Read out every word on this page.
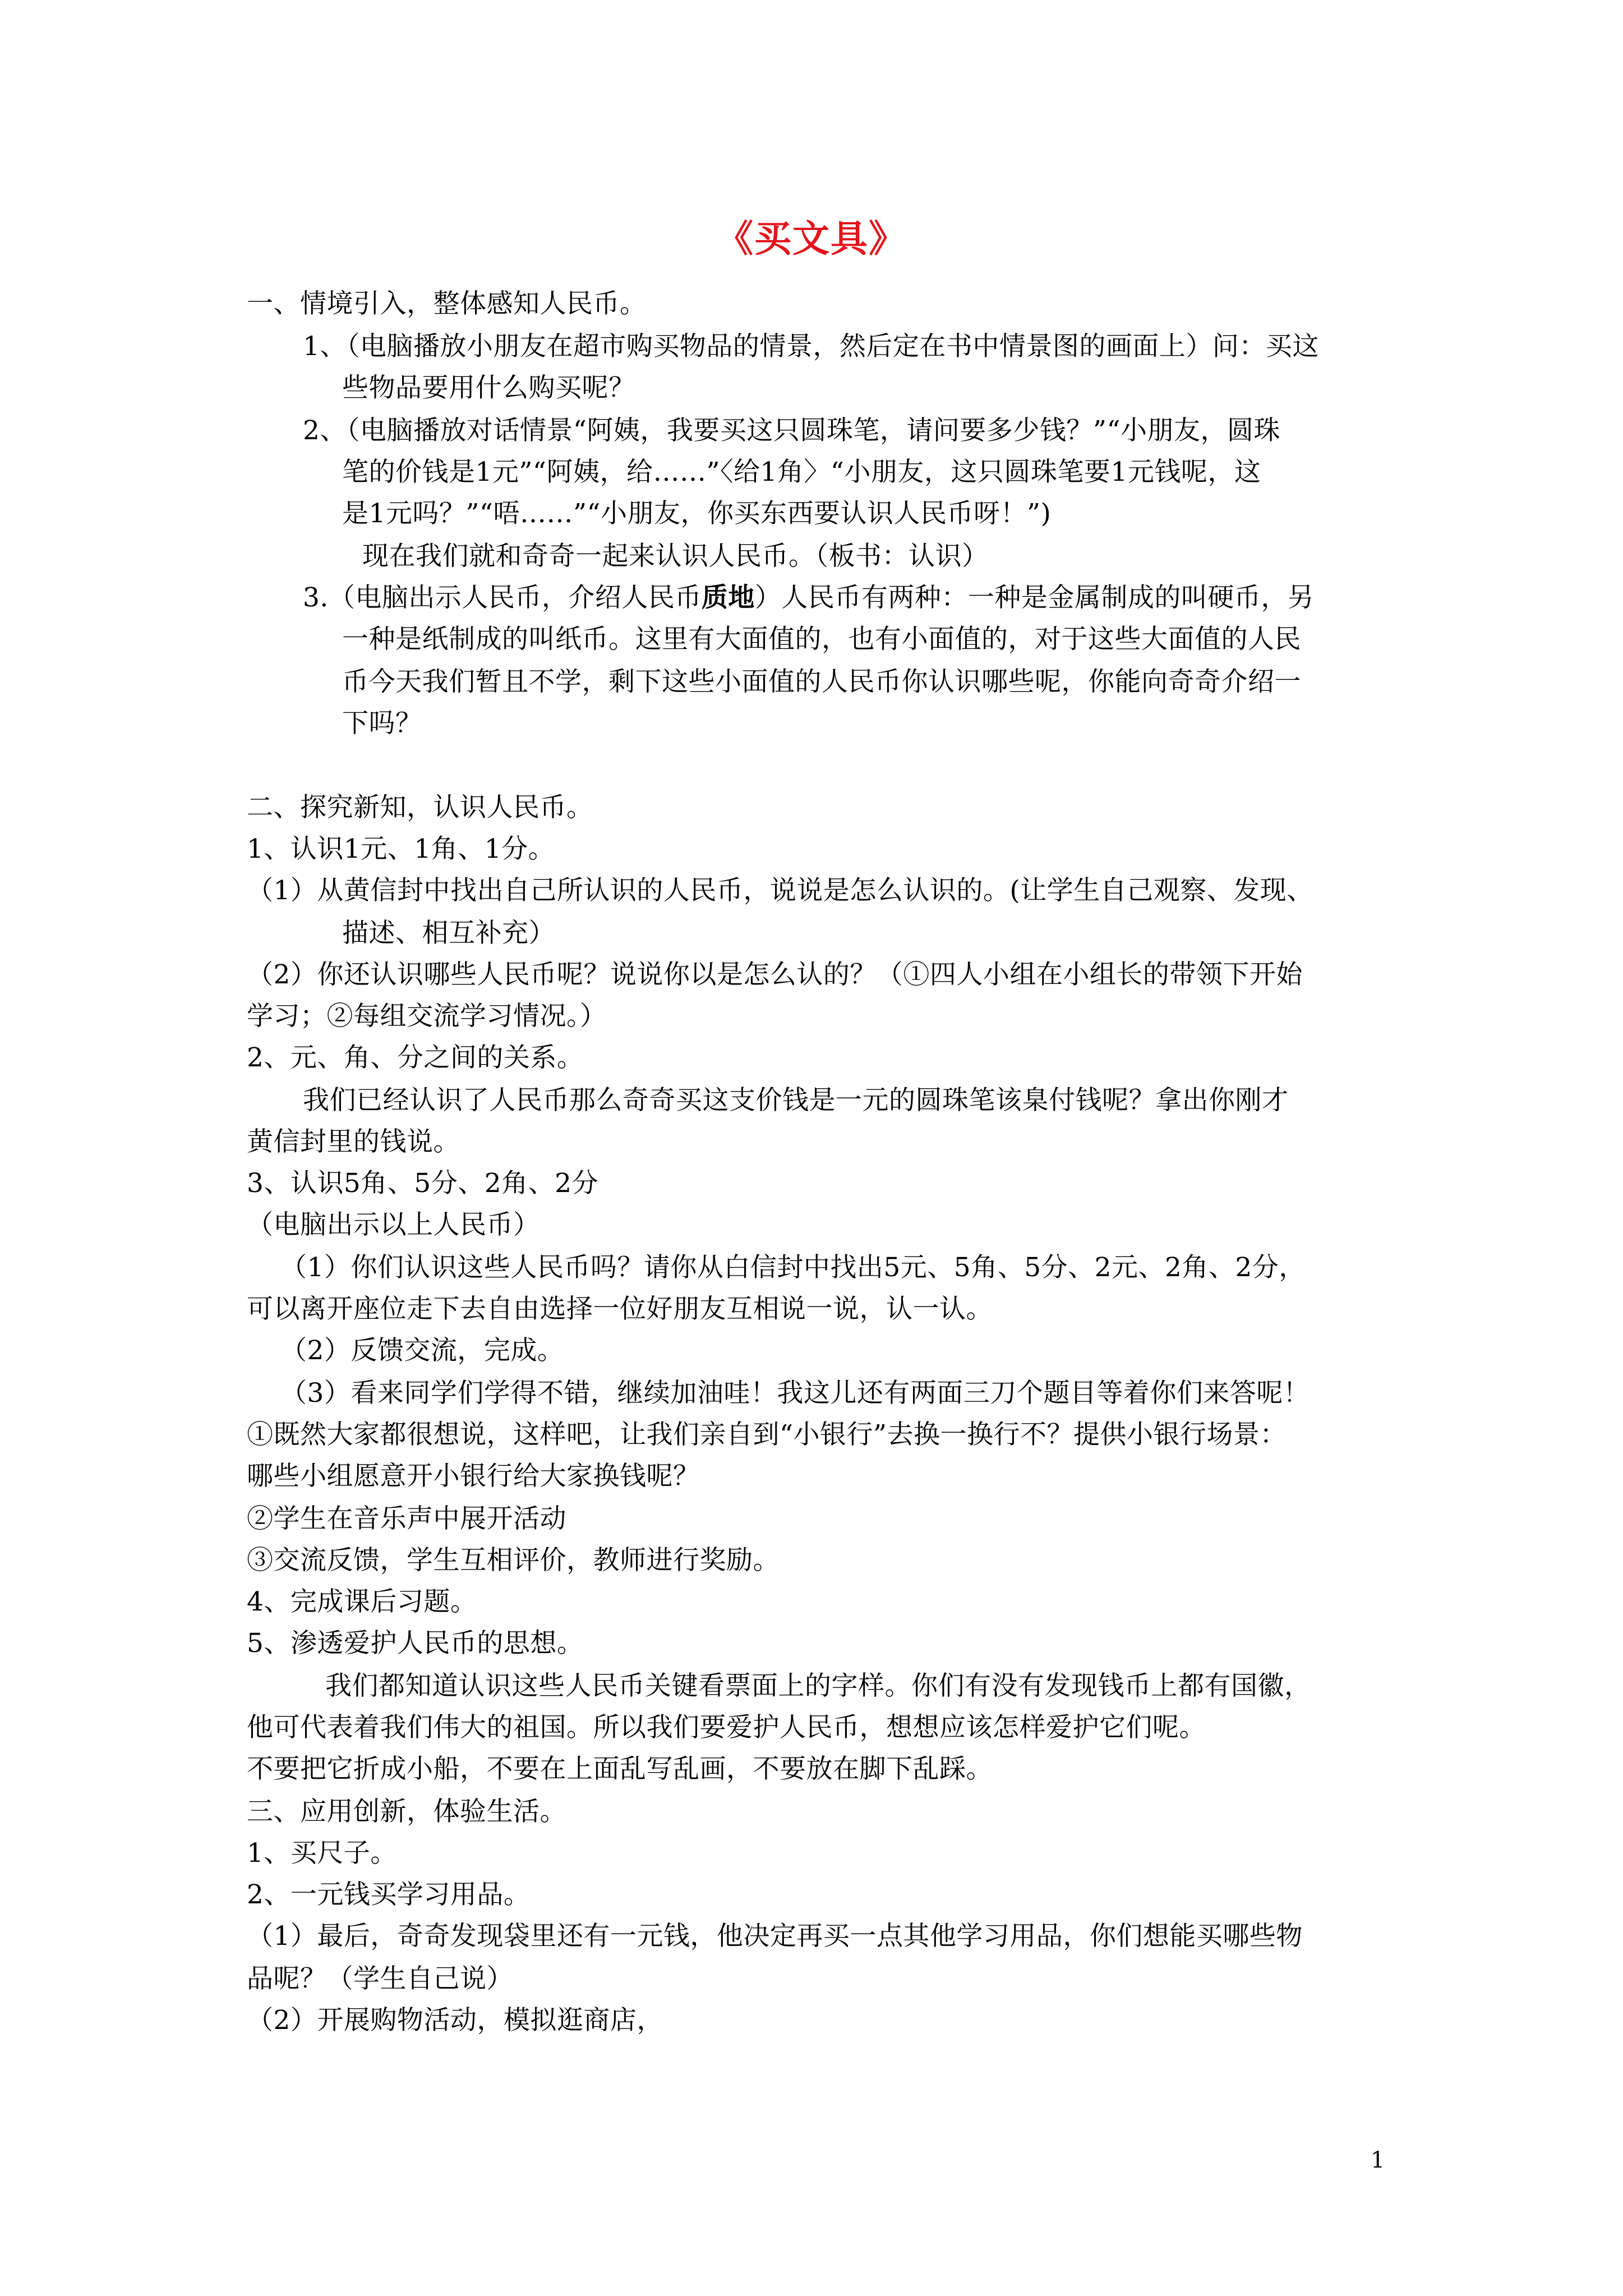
《买文具》

一、情境引入，整体感知人民币。

1、（电脑播放小朋友在超市购买物品的情景，然后定在书中情景图的画面上）问：买这

些物品要用什么购买呢？

2、（电脑播放对话情景“阿姨，我要买这只圆珠笔，请问要多少钱？”“小朋友，圆珠

笔的价钱是1元”“阿姨，给……”〈给1角〉“小朋友，这只圆珠笔要1元钱呢，这

是1元吗？”“唔……”“小朋友，你买东西要认识人民币呀！”)

现在我们就和奇奇一起来认识人民币。（板书：认识）

3.（电脑出示人民币，介绍人民币质地）人民币有两种：一种是金属制成的叫硬币，另

一种是纸制成的叫纸币。这里有大面值的，也有小面值的，对于这些大面值的人民

币今天我们暂且不学，剩下这些小面值的人民币你认识哪些呢，你能向奇奇介绍一

下吗？

二、探究新知，认识人民币。

1、认识1元、1角、1分。

（1）从黄信封中找出自己所认识的人民币，说说是怎么认识的。(让学生自己观察、发现、

描述、相互补充）

（2）你还认识哪些人民币呢？说说你以是怎么认的？（①四人小组在小组长的带领下开始

学习；②每组交流学习情况。）

2、元、角、分之间的关系。

我们已经认识了人民币那么奇奇买这支价钱是一元的圆珠笔该臬付钱呢？拿出你刚才

黄信封里的钱说。

3、认识5角、5分、2角、2分

（电脑出示以上人民币）

（1）你们认识这些人民币吗？请你从白信封中找出5元、5角、5分、2元、2角、2分，

可以离开座位走下去自由选择一位好朋友互相说一说，认一认。

（2）反馈交流，完成。

（3）看来同学们学得不错，继续加油哇！我这儿还有两面三刀个题目等着你们来答呢！

①既然大家都很想说，这样吧，让我们亲自到“小银行”去换一换行不？提供小银行场景：

哪些小组愿意开小银行给大家换钱呢？

②学生在音乐声中展开活动

③交流反馈，学生互相评价，教师进行奖励。

4、完成课后习题。

5、渗透爱护人民币的思想。

我们都知道认识这些人民币关键看票面上的字样。你们有没有发现钱币上都有国徽，

他可代表着我们伟大的祖国。所以我们要爱护人民币，想想应该怎样爱护它们呢。

不要把它折成小船，不要在上面乱写乱画，不要放在脚下乱踩。

三、应用创新，体验生活。

1、买尺子。

2、一元钱买学习用品。

（1）最后，奇奇发现袋里还有一元钱，他决定再买一点其他学习用品，你们想能买哪些物

品呢？（学生自己说）

（2）开展购物活动，模拟逛商店，

1
